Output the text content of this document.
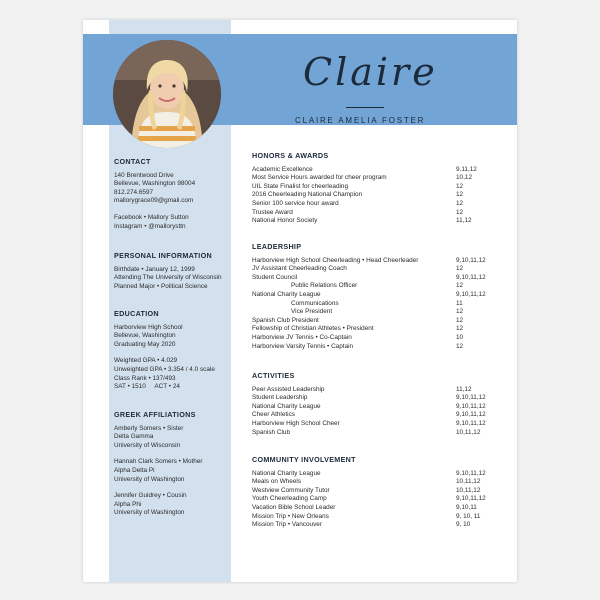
Claire
CLAIRE AMELIA FOSTER
CONTACT
140 Brentwood Drive
Bellevue, Washington 98004
812.274.6597
mallorygrace09@gmail.com
Facebook • Mallory Sutton
Instagram • @mallorysttn
PERSONAL INFORMATION
Birthdate • January 12, 1999
Attending The University of Wisconsin
Planned Major • Political Science
EDUCATION
Harborview High School
Bellevue, Washington
Graduating May 2020
Weighted GPA • 4.029
Unweighted GPA • 3.354 / 4.0 scale
Class Rank • 137/493
SAT • 1510     ACT • 24
GREEK AFFILIATIONS
Amberly Somers • Sister
Delta Gamma
University of Wisconsin
Hannah Clark Somers • Mother
Alpha Delta Pi
University of Washington
Jennifer Guidrey • Cousin
Alpha Phi
University of Washington
HONORS & AWARDS
Academic Excellence	9,11,12
Most Service Hours awarded for cheer program	10,12
UIL State Finalist for cheerleading	12
2016 Cheerleading National Champion	12
Senior 100 service hour award	12
Trustee Award	12
National Honor Society	11,12
LEADERSHIP
Harborview High School Cheerleading • Head Cheerleader	9,10,11,12
JV Assistant Cheerleading Coach	12
Student Council	9,10,11,12
Public Relations Officer	12
National Charity League	9,10,11,12
Communications	11
Vice President	12
Spanish Club President	12
Fellowship of Christian Athletes • President	12
Harborview JV Tennis • Co-Captain	10
Harborview Varsity Tennis • Captain	12
ACTIVITIES
Peer Assisted Leadership	11,12
Student Leadership	9,10,11,12
National Charity League	9,10,11,12
Cheer Athletics	9,10,11,12
Harborview High School Cheer	9,10,11,12
Spanish Club	10,11,12
COMMUNITY INVOLVEMENT
National Charity League	9,10,11,12
Meals on Wheels	10,11,12
Westview Community Tutor	10,11,12
Youth Cheerleading Camp	9,10,11,12
Vacation Bible School Leader	9,10,11
Mission Trip • New Orleans	9, 10, 11
Mission Trip • Vancouver	9, 10
